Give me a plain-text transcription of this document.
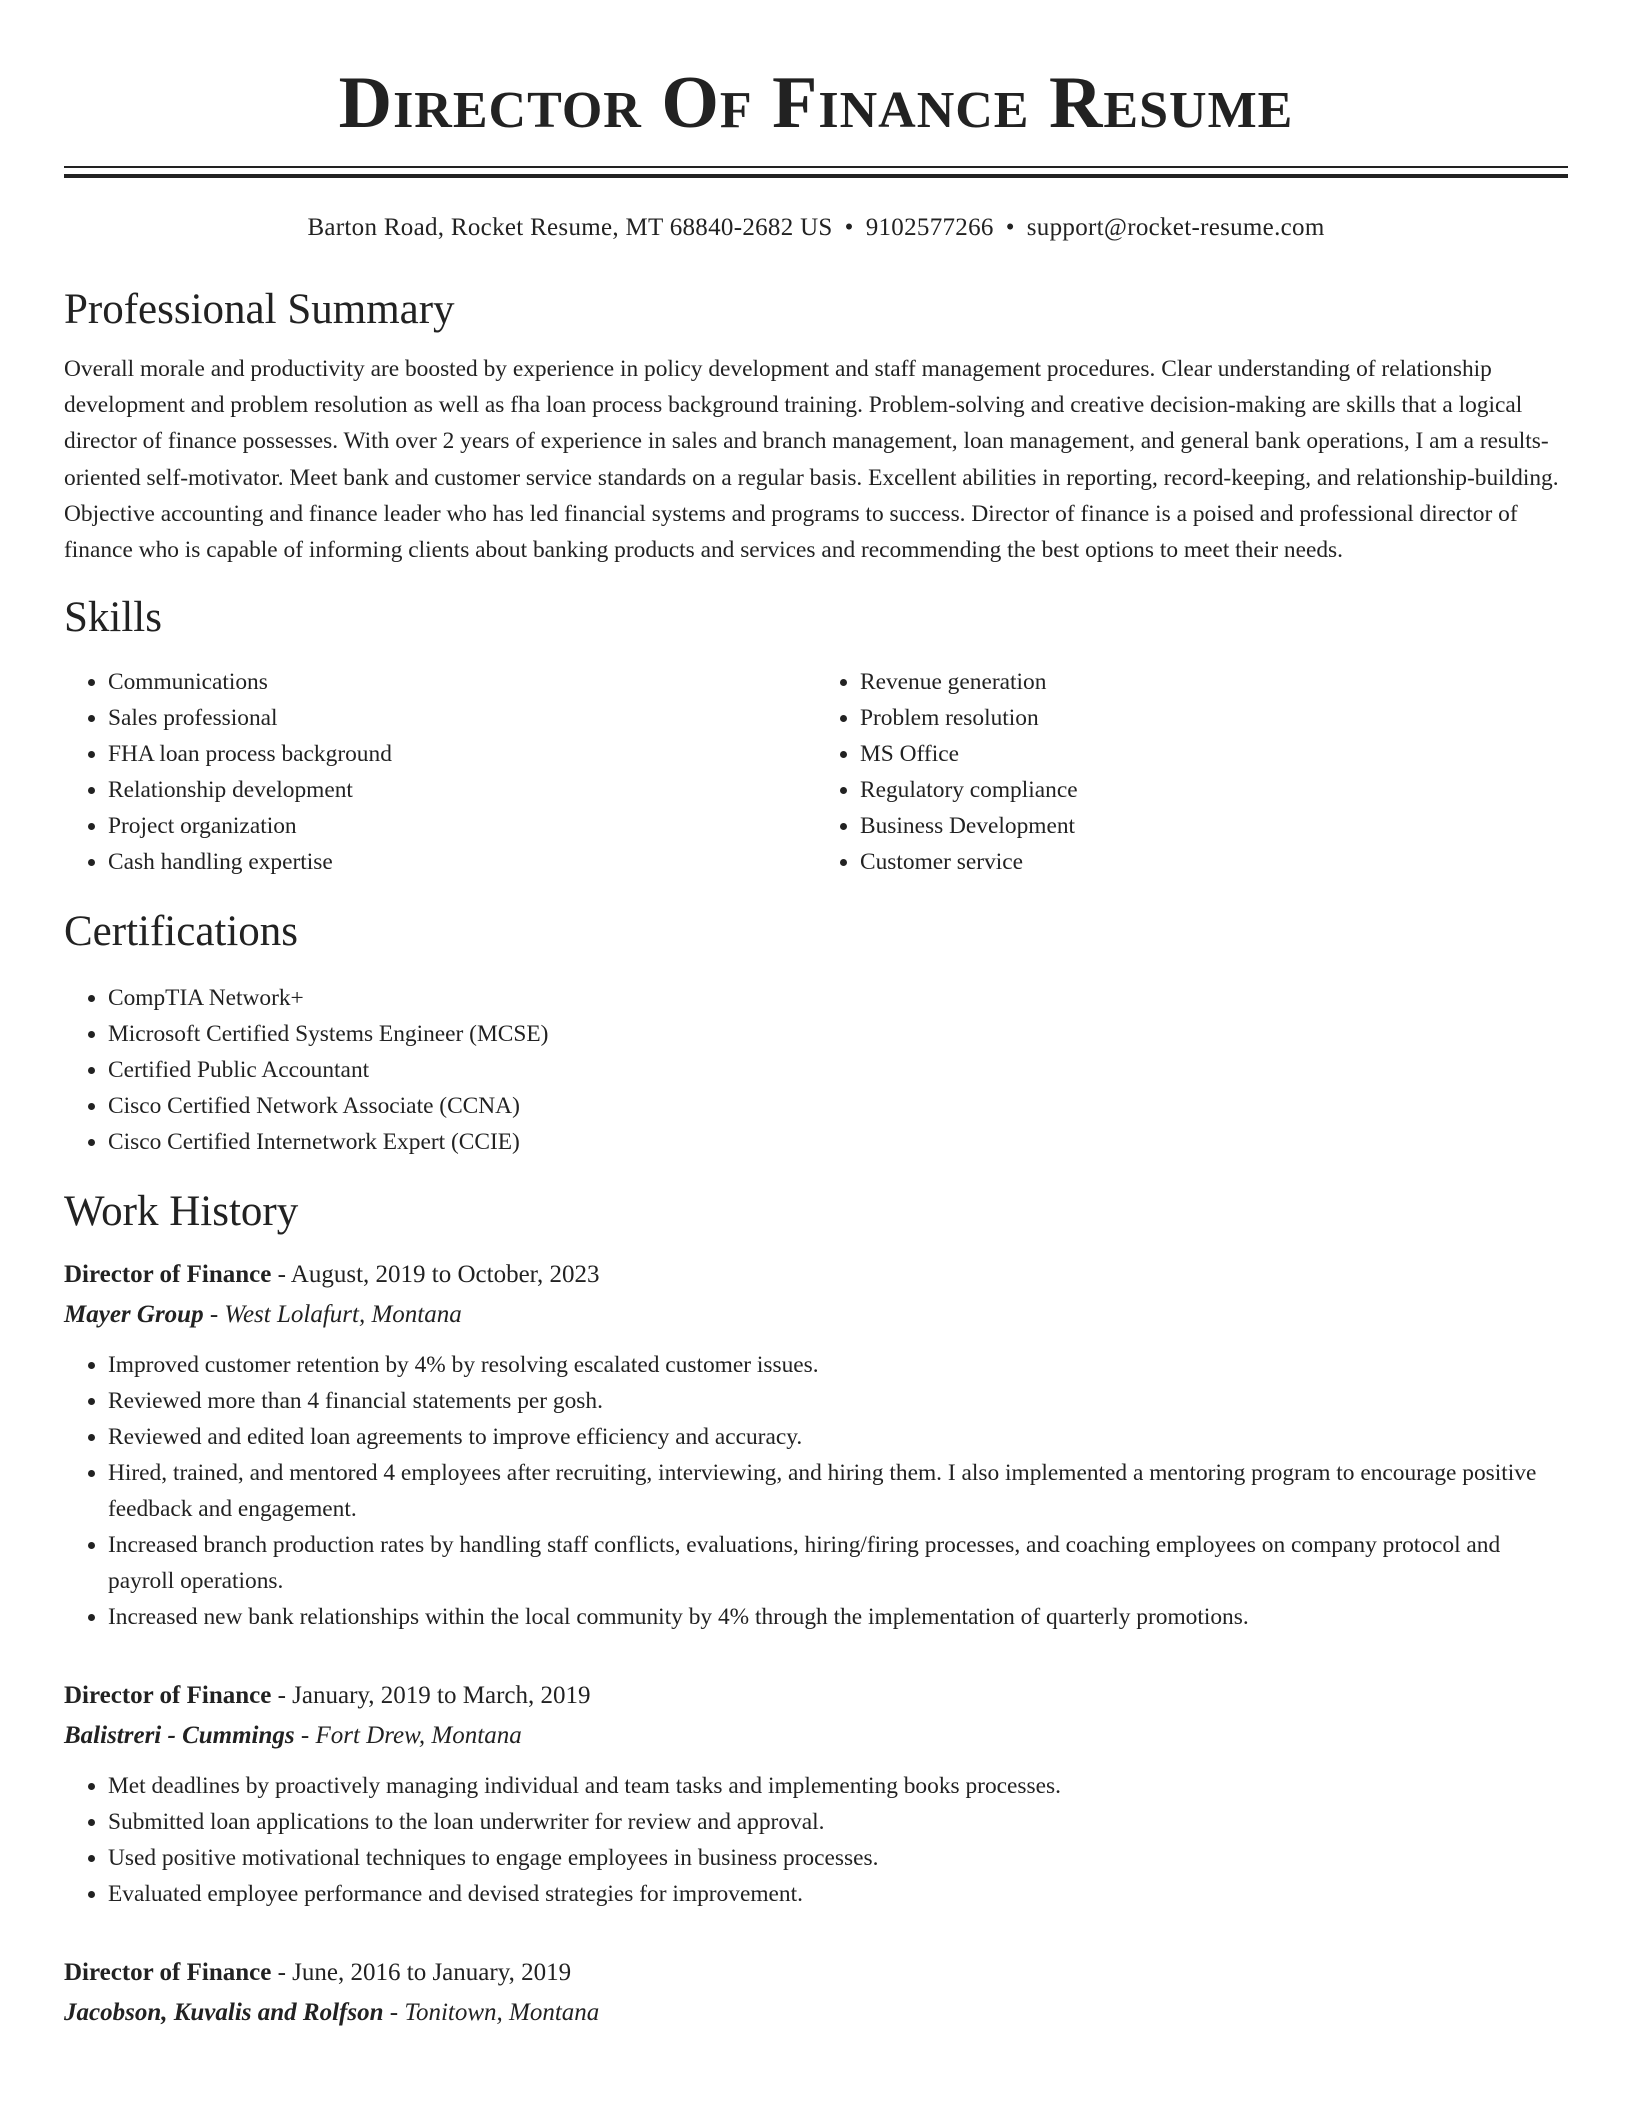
Director Of Finance Resume
Barton Road, Rocket Resume, MT 68840-2682 US • 9102577266 • support@rocket-resume.com
Professional Summary

Overall morale and productivity are boosted by experience in policy development and staff management procedures. Clear understanding of relationship development and problem resolution as well as fha loan process background training. Problem-solving and creative decision-making are skills that a logical director of finance possesses. With over 2 years of experience in sales and branch management, loan management, and general bank operations, I am a results-oriented self-motivator. Meet bank and customer service standards on a regular basis. Excellent abilities in reporting, record-keeping, and relationship-building. Objective accounting and finance leader who has led financial systems and programs to success. Director of finance is a poised and professional director of finance who is capable of informing clients about banking products and services and recommending the best options to meet their needs.

Skills
• Communications
• Sales professional
• FHA loan process background
• Relationship development
• Project organization
• Cash handling expertise
• Revenue generation
• Problem resolution
• MS Office
• Regulatory compliance
• Business Development
• Customer service
Certifications
• CompTIA Network+
• Microsoft Certified Systems Engineer (MCSE)
• Certified Public Accountant
• Cisco Certified Network Associate (CCNA)
• Cisco Certified Internetwork Expert (CCIE)
Work History
Director of Finance - August, 2019 to October, 2023
Mayer Group - West Lolafurt, Montana
• Improved customer retention by 4% by resolving escalated customer issues.
• Reviewed more than 4 financial statements per gosh.
• Reviewed and edited loan agreements to improve efficiency and accuracy.
• Hired, trained, and mentored 4 employees after recruiting, interviewing, and hiring them. I also implemented a mentoring program to encourage positive feedback and engagement.
• Increased branch production rates by handling staff conflicts, evaluations, hiring/firing processes, and coaching employees on company protocol and payroll operations.
• Increased new bank relationships within the local community by 4% through the implementation of quarterly promotions.
Director of Finance - January, 2019 to March, 2019
Balistreri - Cummings - Fort Drew, Montana
• Met deadlines by proactively managing individual and team tasks and implementing books processes.
• Submitted loan applications to the loan underwriter for review and approval.
• Used positive motivational techniques to engage employees in business processes.
• Evaluated employee performance and devised strategies for improvement.
Director of Finance - June, 2016 to January, 2019
Jacobson, Kuvalis and Rolfson - Tonitown, Montana
